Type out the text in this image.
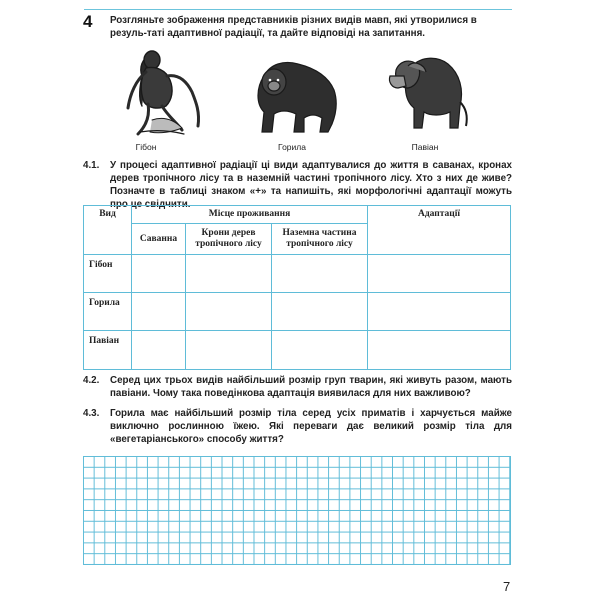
4 Розгляньте зображення представників різних видів мавп, які утворилися в резуль-таті адаптивної радіації, та дайте відповіді на запитання.
Гібон	Горила	Павіан
4.1. У процесі адаптивної радіації ці види адаптувалися до життя в саванах, кронах дерев тропічного лісу та в наземній частині тропічного лісу. Хто з них де живе? Позначте в таблиці знаком «+» та напишіть, які морфологічні адаптації можуть про це свідчити.
Вид	Місце проживання			Адаптації
	Саванна	Крони дерев тропічного лісу	Наземна частина тропічного лісу	
Гібон				
Горила				
Павіан				
4.2. Серед цих трьох видів найбільший розмір груп тварин, які живуть разом, мають павіани. Чому така поведінкова адаптація виявилася для них важливою?
4.3. Горила має найбільший розмір тіла серед усіх приматів і харчується майже виключно рослинною їжею. Які переваги дає великий розмір тіла для «вегетаріанського» способу життя?
7
